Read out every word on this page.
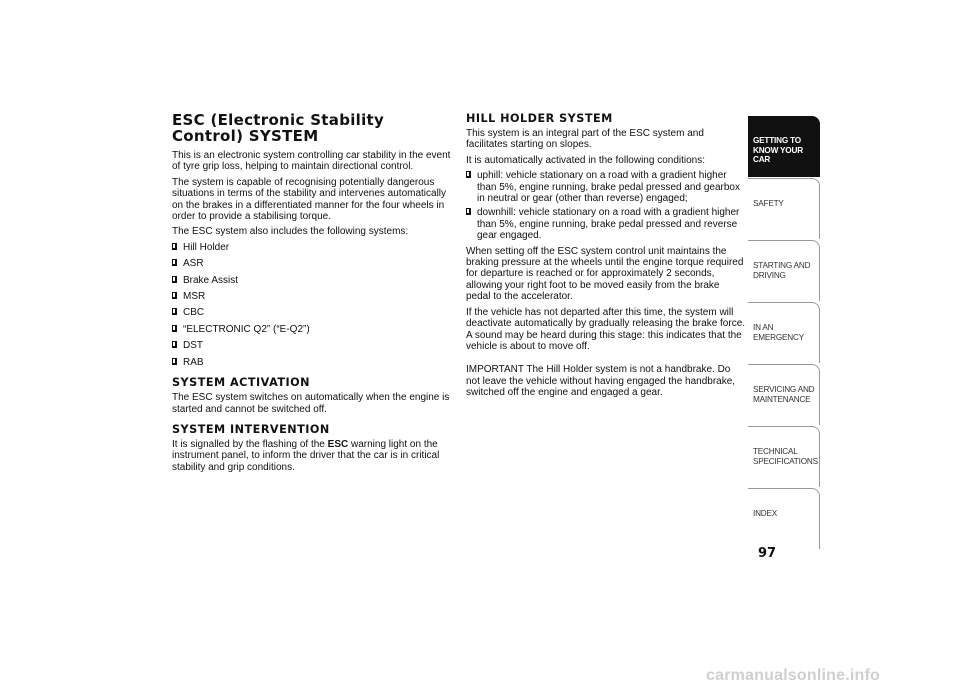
ESC (Electronic Stability Control) SYSTEM

This is an electronic system controlling car stability in the event of tyre grip loss, helping to maintain directional control.

The system is capable of recognising potentially dangerous situations in terms of the stability and intervenes automatically on the brakes in a differentiated manner for the four wheels in order to provide a stabilising torque.

The ESC system also includes the following systems:

Hill Holder
ASR
Brake Assist
MSR
CBC
“ELECTRONIC Q2” (“E-Q2”)
DST
RAB
SYSTEM ACTIVATION

The ESC system switches on automatically when the engine is started and cannot be switched off.

SYSTEM INTERVENTION

It is signalled by the flashing of the ESC warning light on the instrument panel, to inform the driver that the car is in critical stability and grip conditions.

HILL HOLDER SYSTEM

This system is an integral part of the ESC system and facilitates starting on slopes.

It is automatically activated in the following conditions:

uphill: vehicle stationary on a road with a gradient higher than 5%, engine running, brake pedal pressed and gearbox in neutral or gear (other than reverse) engaged;
downhill: vehicle stationary on a road with a gradient higher than 5%, engine running, brake pedal pressed and reverse gear engaged.

When setting off the ESC system control unit maintains the braking pressure at the wheels until the engine torque required for departure is reached or for approximately 2 seconds, allowing your right foot to be moved easily from the brake pedal to the accelerator.

If the vehicle has not departed after this time, the system will deactivate automatically by gradually releasing the brake force. A sound may be heard during this stage: this indicates that the vehicle is about to move off.

IMPORTANT The Hill Holder system is not a handbrake. Do not leave the vehicle without having engaged the handbrake, switched off the engine and engaged a gear.

GETTING TO KNOW YOUR CAR
SAFETY
STARTING AND DRIVING
IN AN EMERGENCY
SERVICING AND MAINTENANCE
TECHNICAL SPECIFICATIONS
INDEX
97
carmanualsonline.info
